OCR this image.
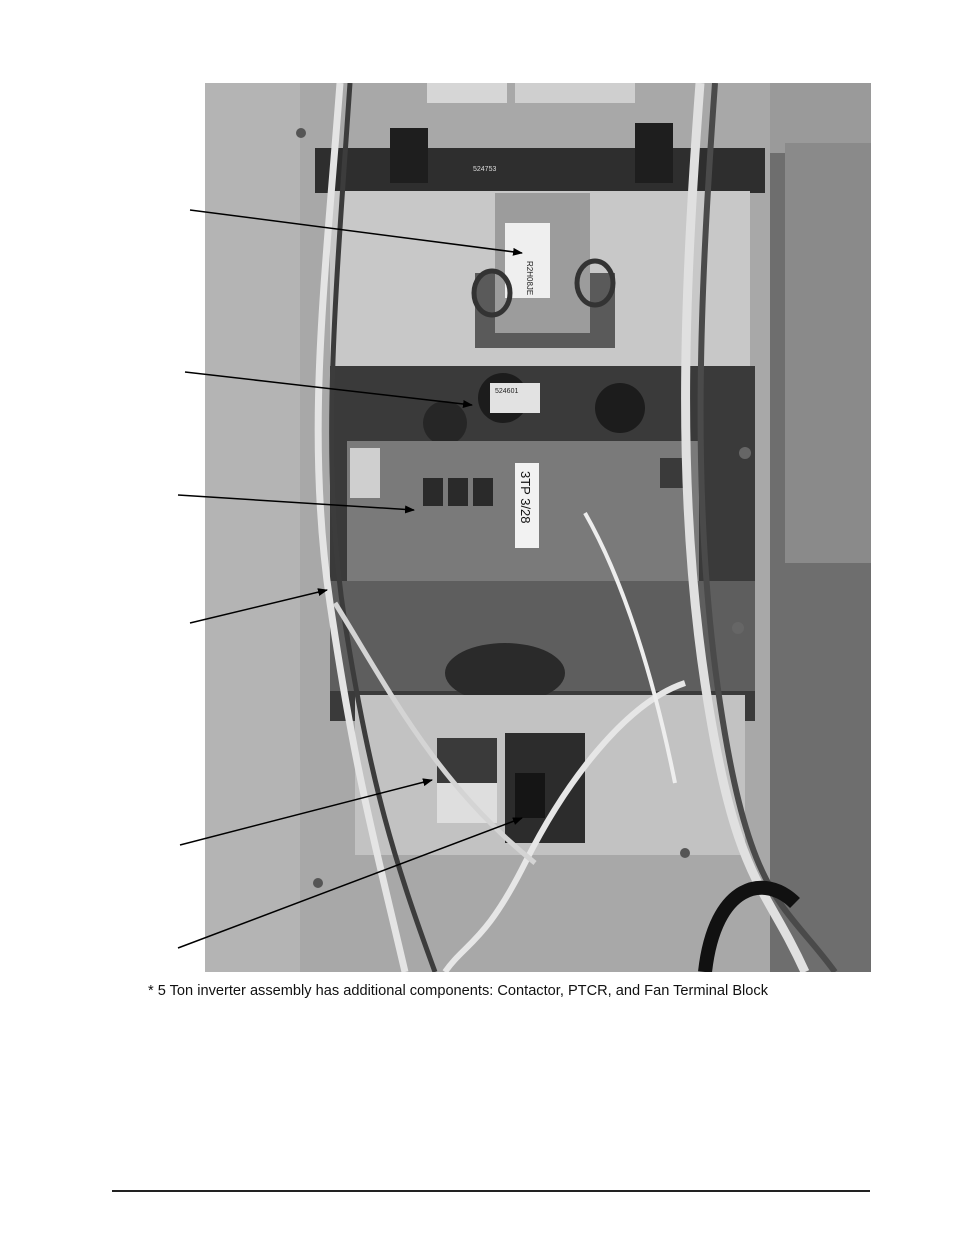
R2H08JE
524601
524753
3TP 3/28
* 5 Ton inverter assembly has additional components: Contactor, PTCR, and Fan Terminal Block
